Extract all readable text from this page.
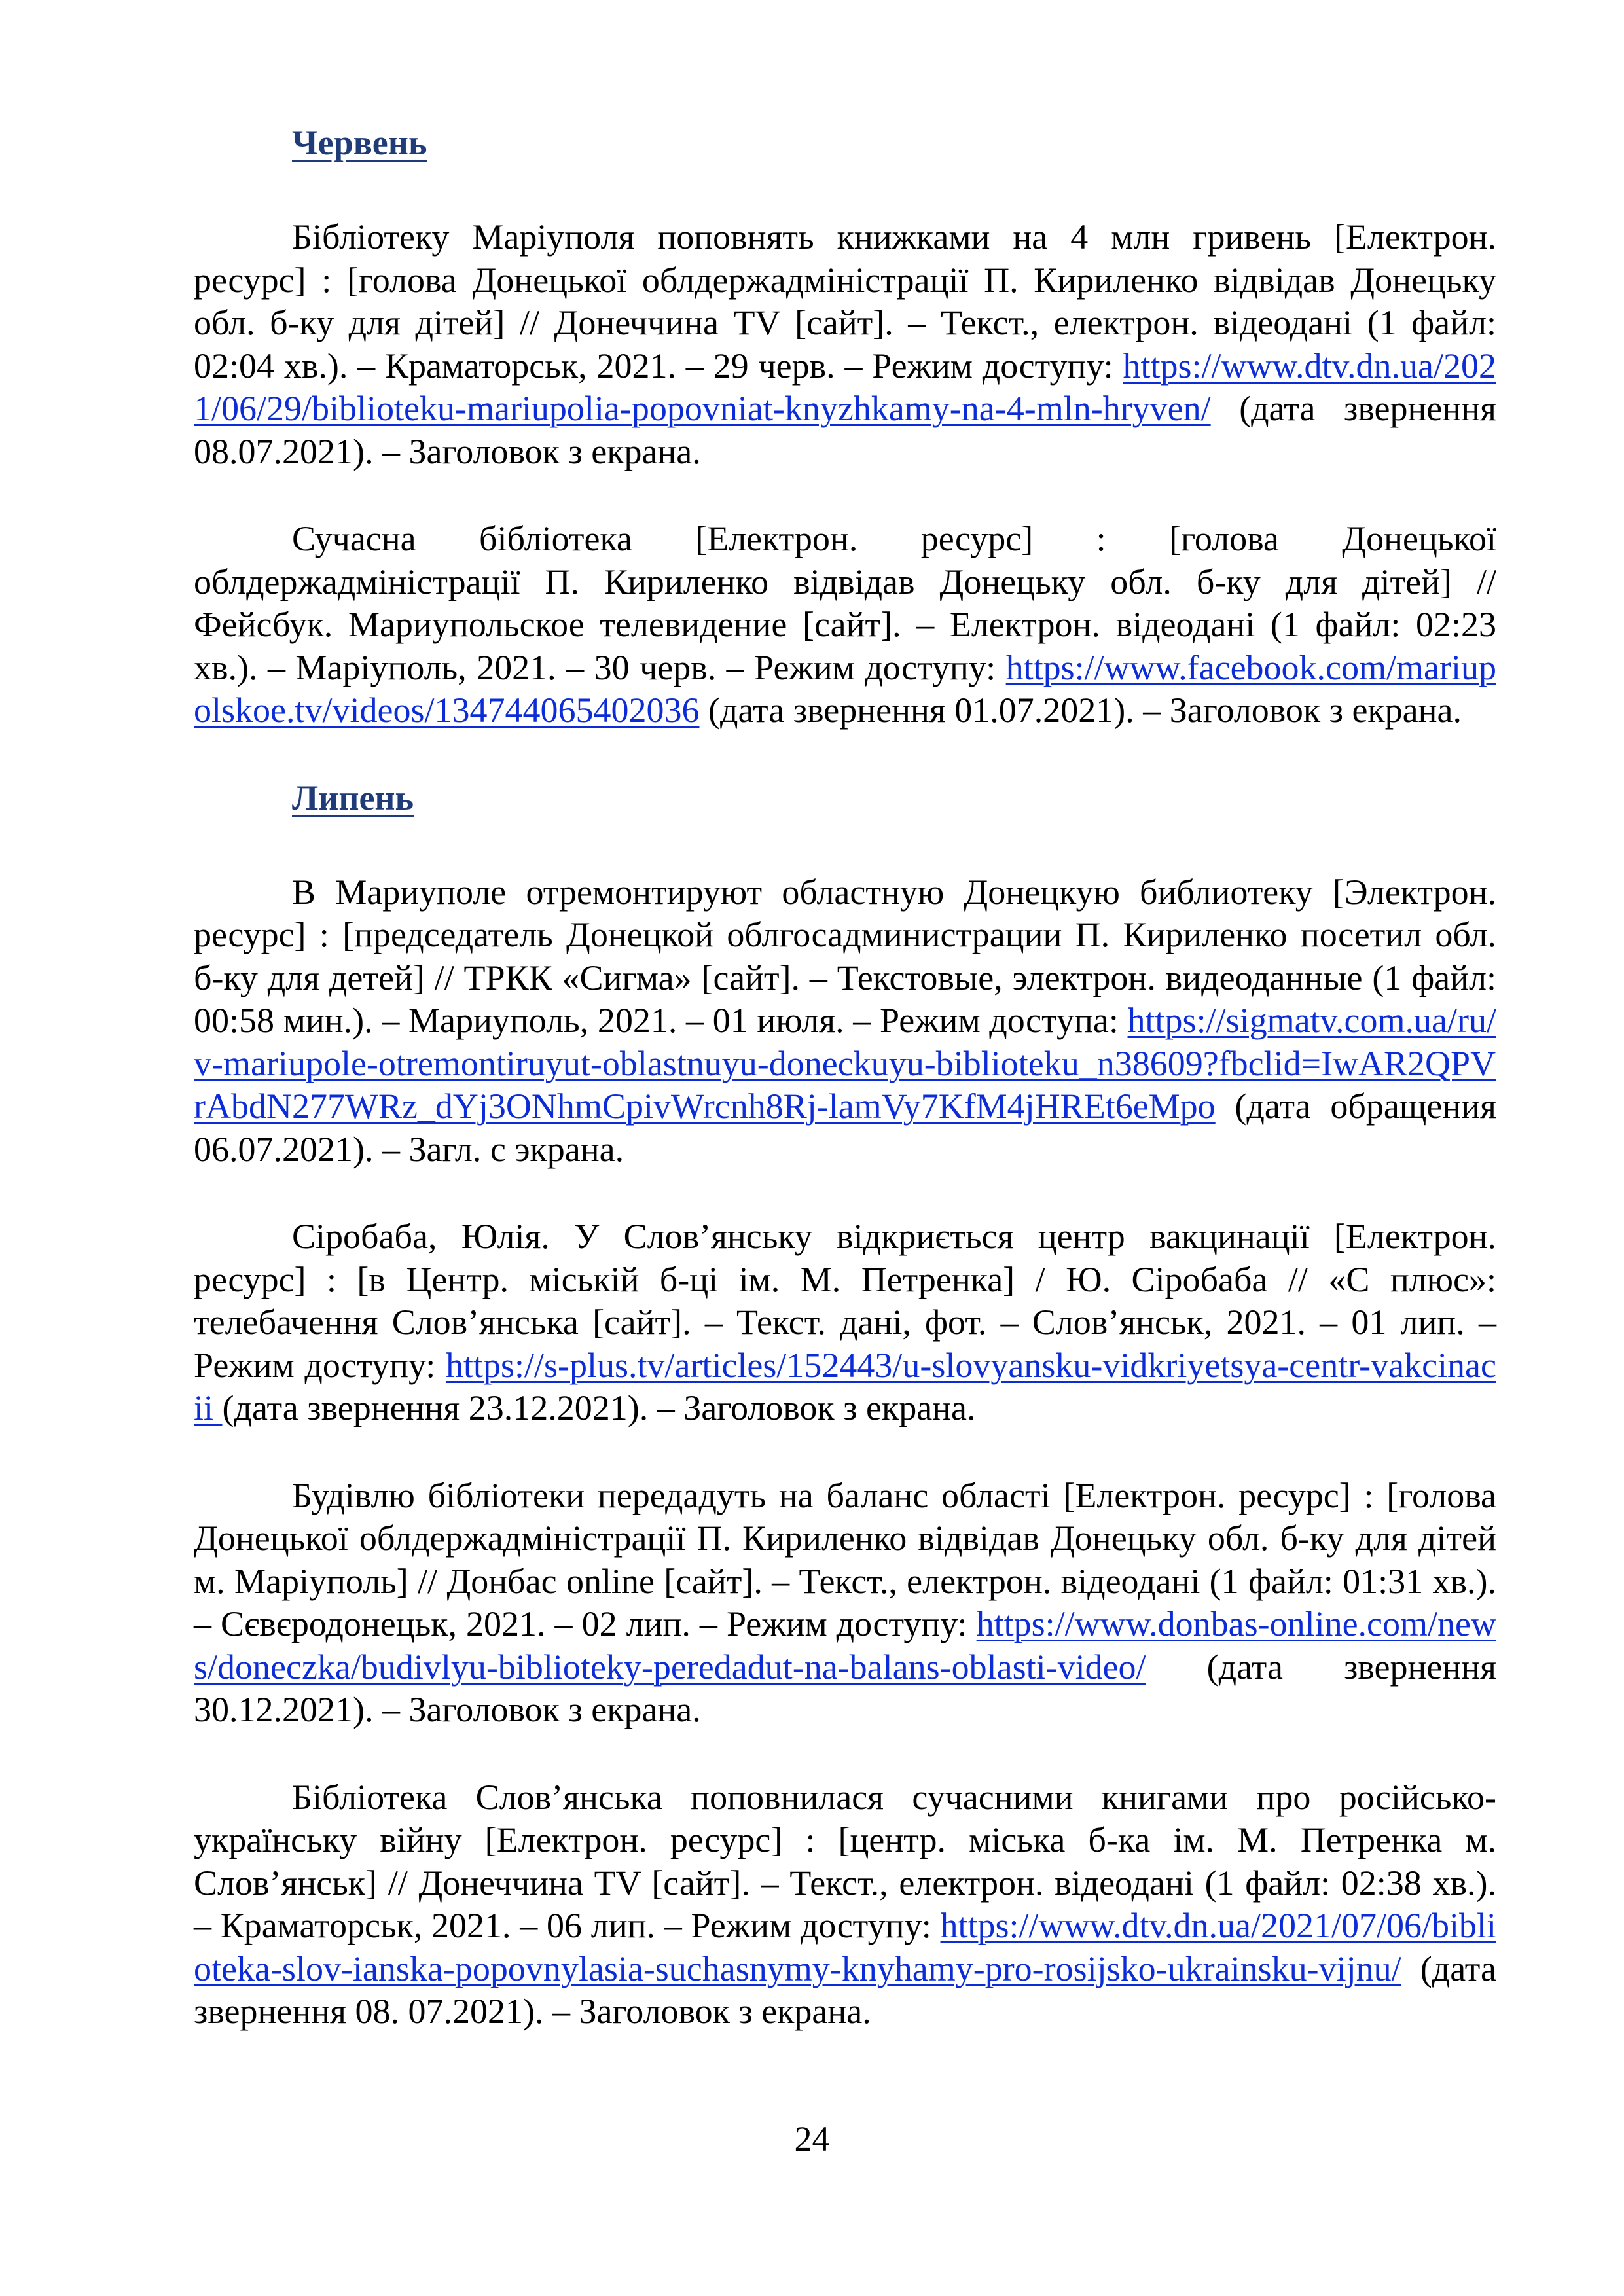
Червень

Бібліотеку Маріуполя поповнять книжками на 4 млн гривень [Електрон. ресурс] : [голова Донецької облдержадміністрації П. Кириленко відвідав Донецьку обл. б-ку для дітей] // Донеччина TV [сайт]. – Текст., електрон. відеодані (1 файл: 02:04 хв.). – Краматорськ, 2021. – 29 черв. – Режим доступу: https://www.dtv.dn.ua/2021/06/29/biblioteku-mariupolia-popovniat-knyzhkamy-na-4-mln-hryven/ (дата звернення 08.07.2021). – Заголовок з екрана.

Сучасна бібліотека [Електрон. ресурс] : [голова Донецької облдержадміністрації П. Кириленко відвідав Донецьку обл. б-ку для дітей] // Фейсбук. Мариупольское телевидение [сайт]. – Електрон. відеодані (1 файл: 02:23 хв.). – Маріуполь, 2021. – 30 черв. – Режим доступу: https://www.facebook.com/mariupolskoe.tv/videos/134744065402036 (дата звернення 01.07.2021). – Заголовок з екрана.

Липень

В Мариуполе отремонтируют областную Донецкую библиотеку [Электрон. ресурс] : [председатель Донецкой облгосадминистрации П. Кириленко посетил обл. б-ку для детей] // ТРКК «Сигма» [сайт]. – Текстовые, электрон. видеоданные (1 файл: 00:58 мин.). – Мариуполь, 2021. – 01 июля. – Режим доступа: https://sigmatv.com.ua/ru/v-mariupole-otremontiruyut-oblastnuyu-doneckuyu-biblioteku_n38609?fbclid=IwAR2QPVrAbdN277WRz_dYj3ONhmCpivWrcnh8Rj-lamVy7KfM4jHREt6eMpo (дата обращения 06.07.2021). – Загл. с экрана.

Сіробаба, Юлія. У Слов’янську відкриється центр вакцинації [Електрон. ресурс] : [в Центр. міській б-ці ім. М. Петренка] / Ю. Сіробаба // «С плюс»: телебачення Слов’янська [сайт]. – Текст. дані, фот. – Слов’янськ, 2021. – 01 лип. – Режим доступу: https://s-plus.tv/articles/152443/u-slovyansku-vidkriyetsya-centr-vakcinacii (дата звернення 23.12.2021). – Заголовок з екрана.

Будівлю бібліотеки передадуть на баланс області [Електрон. ресурс] : [голова Донецької облдержадміністрації П. Кириленко відвідав Донецьку обл. б-ку для дітей м. Маріуполь] // Донбас online [сайт]. – Текст., електрон. відеодані (1 файл: 01:31 хв.). – Сєвєродонецьк, 2021. – 02 лип. – Режим доступу: https://www.donbas-online.com/news/doneczka/budivlyu-biblioteky-peredadut-na-balans-oblasti-video/ (дата звернення 30.12.2021). – Заголовок з екрана.

Бібліотека Слов’янська поповнилася сучасними книгами про російсько-українську війну [Електрон. ресурс] : [центр. міська б-ка ім. М. Петренка м. Слов’янськ] // Донеччина TV [сайт]. – Текст., електрон. відеодані (1 файл: 02:38 хв.). – Краматорськ, 2021. – 06 лип. – Режим доступу: https://www.dtv.dn.ua/2021/07/06/biblioteka-slov-ianska-popovnylasia-suchasnymy-knyhamy-pro-rosijsko-ukrainsku-vijnu/ (дата звернення 08. 07.2021). – Заголовок з екрана.

24
